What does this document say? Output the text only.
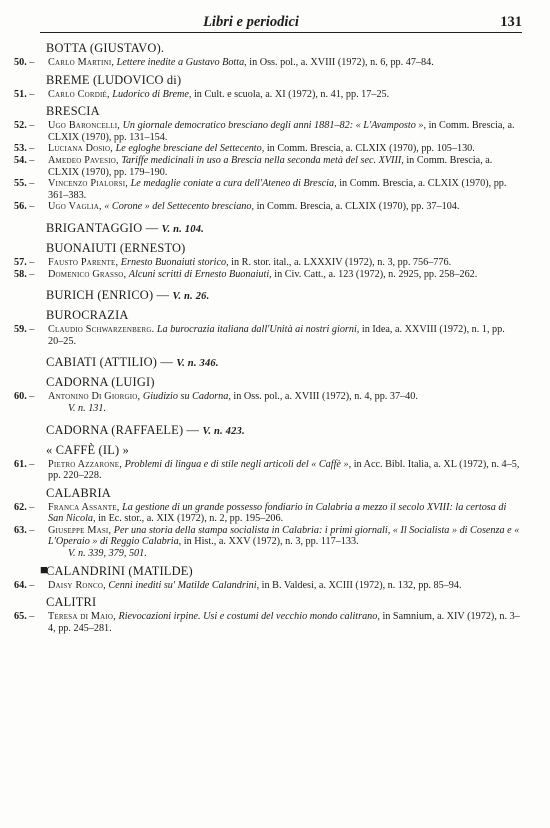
Libri e periodici	131
BOTTA (GIUSTAVO).
50. –	Carlo Martini, Lettere inedite a Gustavo Botta, in Oss. pol., a. XVIII (1972), n. 6, pp. 47–84.
BREME (LUDOVICO di)
51. –	Carlo Cordié, Ludorico di Breme, in Cult. e scuola, a. XI (1972), n. 41, pp. 17–25.
BRESCIA
52. –	Ugo Baroncelli, Un giornale democratico bresciano degli anni 1881–82: « L'Avamposto », in Comm. Brescia, a. CLXIX (1970), pp. 131–154.
53. –	Luciana Dosio, Le egloghe bresciane del Settecento, in Comm. Brescia, a. CLXIX (1970), pp. 105–130.
54. –	Amedeo Pavesio, Tariffe medicinali in uso a Brescia nella seconda metà del sec. XVIII, in Comm. Brescia, a. CLXIX (1970), pp. 179–190.
55. –	Vincenzo Pialorsi, Le medaglie coniate a cura dell'Ateneo di Brescia, in Comm. Brescia, a. CLXIX (1970), pp. 361–383.
56. –	Ugo Vaglia, « Corone » del Settecento bresciano, in Comm. Brescia, a. CLXIX (1970), pp. 37–104.
BRIGANTAGGIO — V. n. 104.
BUONAIUTI (ERNESTO)
57. –	Fausto Parente, Ernesto Buonaiuti storico, in R. stor. ital., a. LXXXIV (1972), n. 3, pp. 756–776.
58. –	Domenico Grasso, Alcuni scritti di Ernesto Buonaiuti, in Civ. Catt., a. 123 (1972), n. 2925, pp. 258–262.
BURICH (ENRICO) — V. n. 26.
BUROCRAZIA
59. –	Claudio Schwarzenberg. La burocrazia italiana dall'Unità ai nostri giorni, in Idea, a. XXVIII (1972), n. 1, pp. 20–25.
CABIATI (ATTILIO) — V. n. 346.
CADORNA (LUIGI)
60. –	Antonino Di Giorgio, Giudizio su Cadorna, in Oss. pol., a. XVIII (1972), n. 4, pp. 37–40.
V. n. 131.
CADORNA (RAFFAELE) — V. n. 423.
« CAFFÈ (IL) »
61. –	Pietro Azzarone, Problemi di lingua e di stile negli articoli del « Caffè », in Acc. Bibl. Italia, a. XL (1972), n. 4–5, pp. 220–228.
CALABRIA
62. –	Franca Assante, La gestione di un grande possesso fondiario in Calabria a mezzo il secolo XVIII: la certosa di San Nicola, in Ec. stor., a. XIX (1972), n. 2, pp. 195–206.
63. –	Giuseppe Masi, Per una storia della stampa socialista in Calabria: i primi giornali, « Il Socialista » di Cosenza e « L'Operaio » di Reggio Calabria, in Hist., a. XXV (1972), n. 3, pp. 117–133.
V. n. 339, 379, 501.
■
CALANDRINI (MATILDE)
64. –	Daisy Ronco, Cenni inediti su' Matilde Calandrini, in B. Valdesi, a. XCIII (1972), n. 132, pp. 85–94.
CALITRI
65. –	Teresa di Maio, Rievocazioni irpine. Usi e costumi del vecchio mondo calitrano, in Samnium, a. XIV (1972), n. 3–4, pp. 245–281.
